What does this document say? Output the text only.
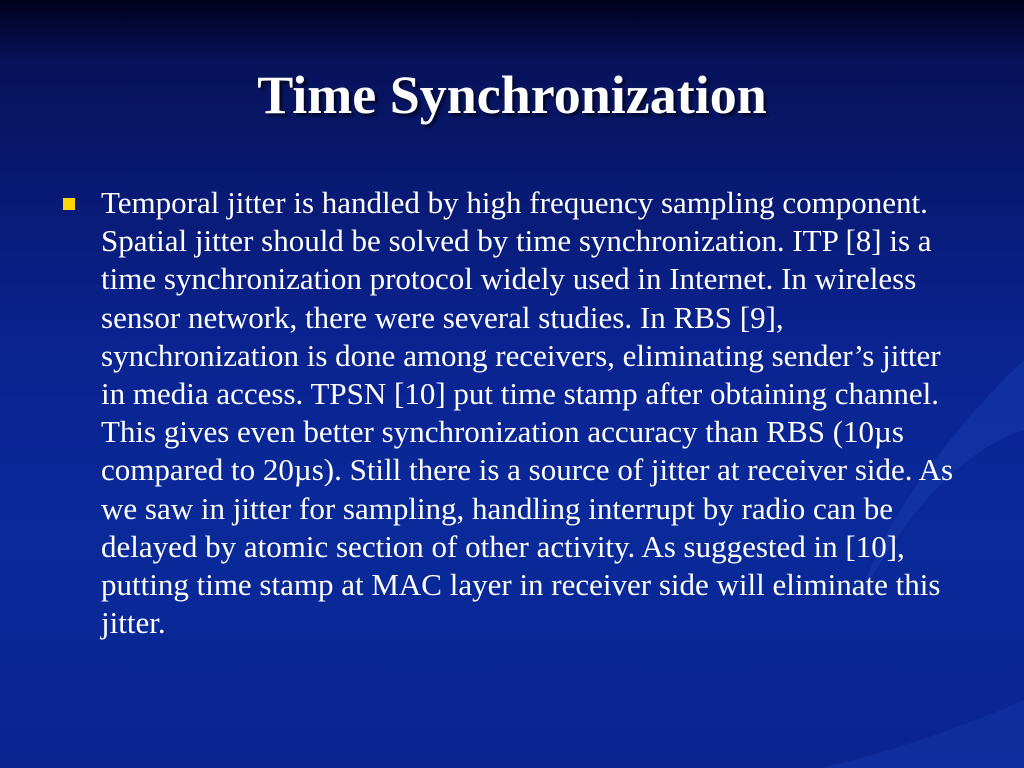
Time Synchronization

Temporal jitter is handled by high frequency sampling component. Spatial jitter should be solved by time synchronization. ITP [8] is a time synchronization protocol widely used in Internet. In wireless sensor network, there were several studies. In RBS [9], synchronization is done among receivers, eliminating sender’s jitter in media access. TPSN [10] put time stamp after obtaining channel. This gives even better synchronization accuracy than RBS (10µs compared to 20µs). Still there is a source of jitter at receiver side. As we saw in jitter for sampling, handling interrupt by radio can be delayed by atomic section of other activity. As suggested in [10], putting time stamp at MAC layer in receiver side will eliminate this jitter.
